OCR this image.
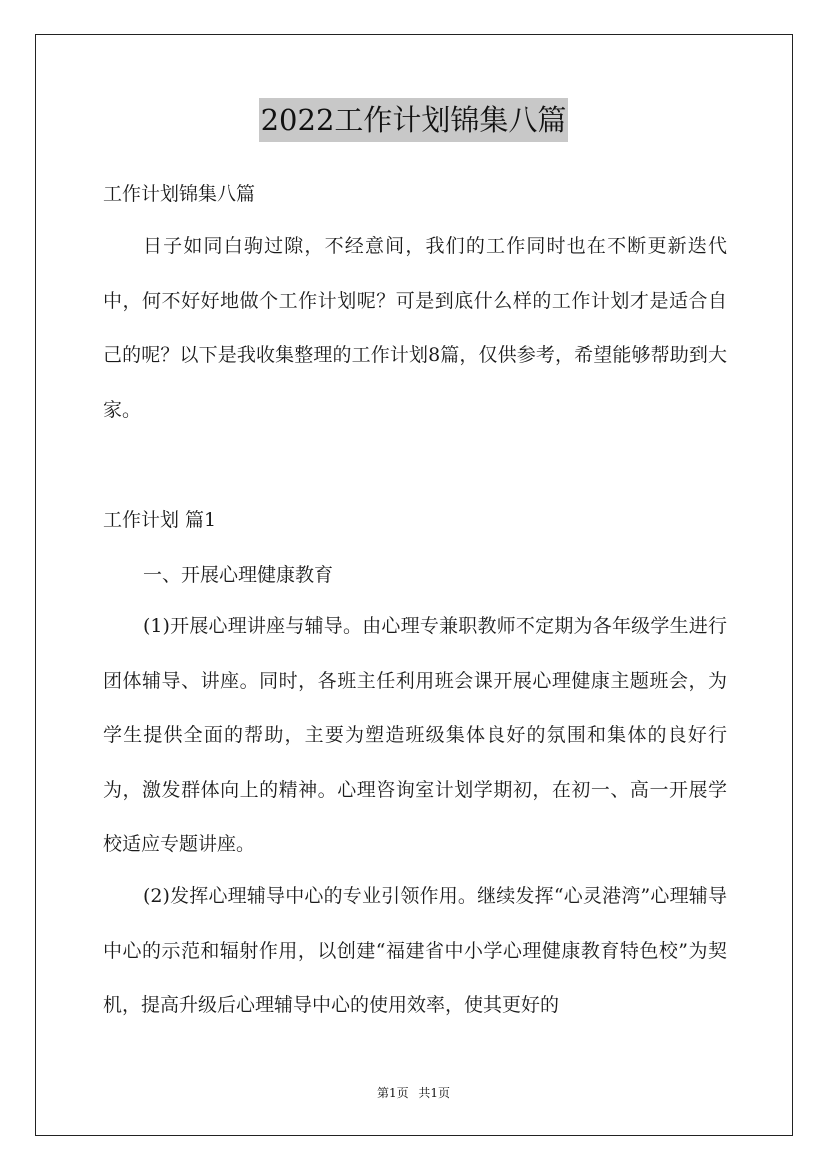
2022工作计划锦集八篇

工作计划锦集八篇

日子如同白驹过隙，不经意间，我们的工作同时也在不断更新迭代中，何不好好地做个工作计划呢？可是到底什么样的工作计划才是适合自己的呢？以下是我收集整理的工作计划8篇，仅供参考，希望能够帮助到大家。

工作计划 篇1

一、开展心理健康教育

(1)开展心理讲座与辅导。由心理专兼职教师不定期为各年级学生进行团体辅导、讲座。同时，各班主任利用班会课开展心理健康主题班会，为学生提供全面的帮助，主要为塑造班级集体良好的氛围和集体的良好行为，激发群体向上的精神。心理咨询室计划学期初，在初一、高一开展学校适应专题讲座。

(2)发挥心理辅导中心的专业引领作用。继续发挥“心灵港湾”心理辅导中心的示范和辐射作用，以创建“福建省中小学心理健康教育特色校”为契机，提高升级后心理辅导中心的使用效率，使其更好的

第1页 共1页
